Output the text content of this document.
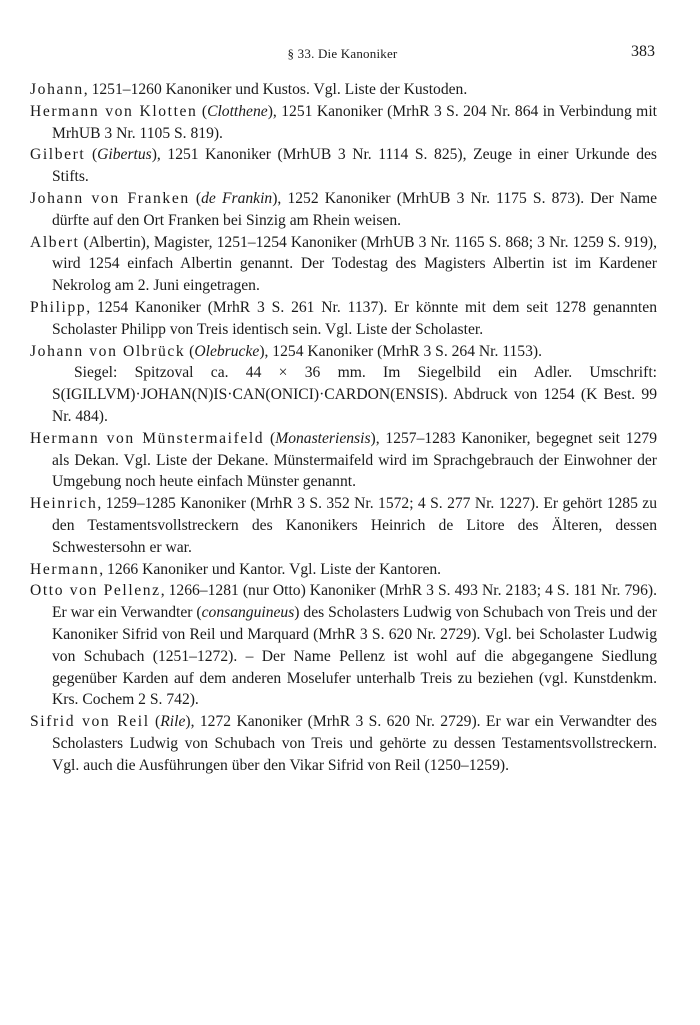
§ 33. Die Kanoniker	383

Johann, 1251–1260 Kanoniker und Kustos. Vgl. Liste der Kustoden.

Hermann von Klotten (Clotthene), 1251 Kanoniker (MrhR 3 S. 204 Nr. 864 in Verbindung mit MrhUB 3 Nr. 1105 S. 819).

Gilbert (Gibertus), 1251 Kanoniker (MrhUB 3 Nr. 1114 S. 825), Zeuge in einer Urkunde des Stifts.

Johann von Franken (de Frankin), 1252 Kanoniker (MrhUB 3 Nr. 1175 S. 873). Der Name dürfte auf den Ort Franken bei Sinzig am Rhein weisen.

Albert (Albertin), Magister, 1251–1254 Kanoniker (MrhUB 3 Nr. 1165 S. 868; 3 Nr. 1259 S. 919), wird 1254 einfach Albertin genannt. Der Todestag des Magisters Albertin ist im Kardener Nekrolog am 2. Juni eingetragen.

Philipp, 1254 Kanoniker (MrhR 3 S. 261 Nr. 1137). Er könnte mit dem seit 1278 genannten Scholaster Philipp von Treis identisch sein. Vgl. Liste der Scholaster.

Johann von Olbrück (Olebrucke), 1254 Kanoniker (MrhR 3 S. 264 Nr. 1153).

Siegel: Spitzoval ca. 44 × 36 mm. Im Siegelbild ein Adler. Umschrift: S(IGILLVM)·JOHAN(N)IS·CAN(ONICI)·CARDON(ENSIS). Abdruck von 1254 (K Best. 99 Nr. 484).

Hermann von Münstermaifeld (Monasteriensis), 1257–1283 Kanoniker, begegnet seit 1279 als Dekan. Vgl. Liste der Dekane. Münstermaifeld wird im Sprachgebrauch der Einwohner der Umgebung noch heute einfach Münster genannt.

Heinrich, 1259–1285 Kanoniker (MrhR 3 S. 352 Nr. 1572; 4 S. 277 Nr. 1227). Er gehört 1285 zu den Testamentsvollstreckern des Kanonikers Heinrich de Litore des Älteren, dessen Schwestersohn er war.

Hermann, 1266 Kanoniker und Kantor. Vgl. Liste der Kantoren.

Otto von Pellenz, 1266–1281 (nur Otto) Kanoniker (MrhR 3 S. 493 Nr. 2183; 4 S. 181 Nr. 796). Er war ein Verwandter (consanguineus) des Scholasters Ludwig von Schubach von Treis und der Kanoniker Sifrid von Reil und Marquard (MrhR 3 S. 620 Nr. 2729). Vgl. bei Scholaster Ludwig von Schubach (1251–1272). – Der Name Pellenz ist wohl auf die abgegangene Siedlung gegenüber Karden auf dem anderen Moselufer unterhalb Treis zu beziehen (vgl. Kunstdenkm. Krs. Cochem 2 S. 742).

Sifrid von Reil (Rile), 1272 Kanoniker (MrhR 3 S. 620 Nr. 2729). Er war ein Verwandter des Scholasters Ludwig von Schubach von Treis und gehörte zu dessen Testamentsvollstreckern. Vgl. auch die Ausführungen über den Vikar Sifrid von Reil (1250–1259).
